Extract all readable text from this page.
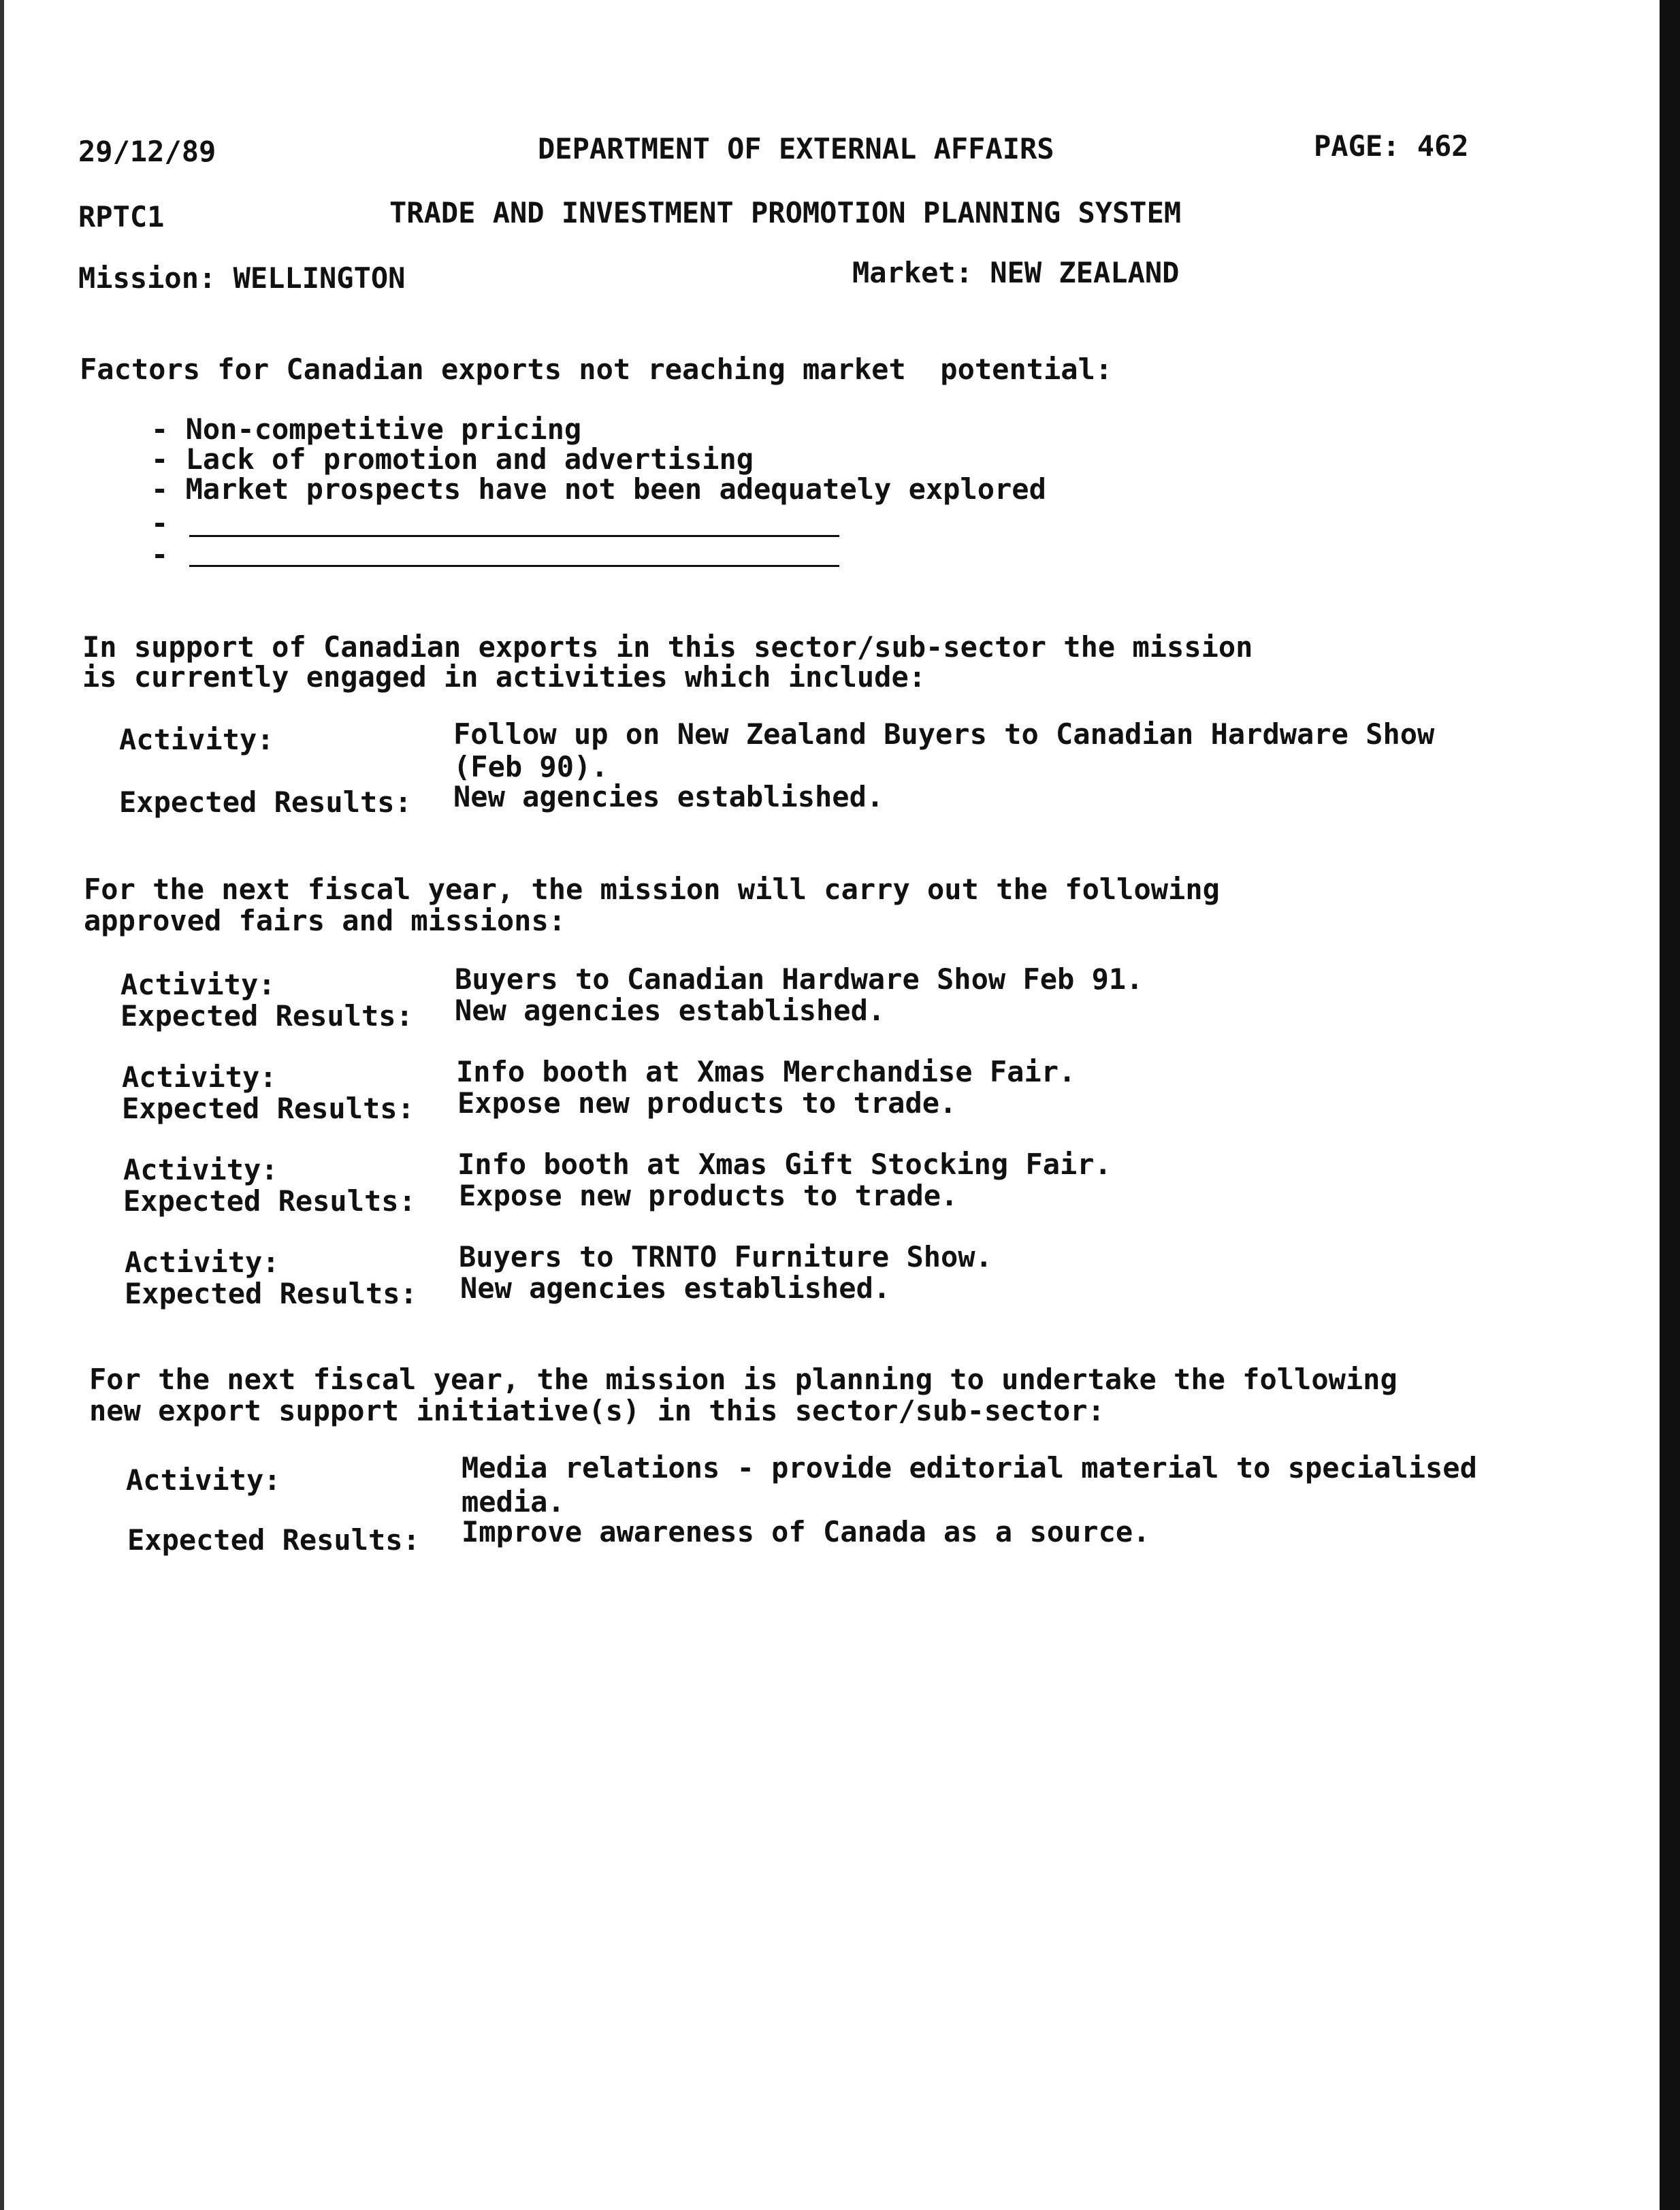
29/12/89	DEPARTMENT OF EXTERNAL AFFAIRS	PAGE: 462
RPTC1	TRADE AND INVESTMENT PROMOTION PLANNING SYSTEM
Mission: WELLINGTON	Market: NEW ZEALAND
Factors for Canadian exports not reaching market  potential:
- Non-competitive pricing
- Lack of promotion and advertising
- Market prospects have not been adequately explored
-
-
In support of Canadian exports in this sector/sub-sector the mission
is currently engaged in activities which include:
Activity:	Follow up on New Zealand Buyers to Canadian Hardware Show
(Feb 90).
Expected Results: New agencies established.
For the next fiscal year, the mission will carry out the following
approved fairs and missions:
Activity:	Buyers to Canadian Hardware Show Feb 91.
Expected Results: New agencies established.
Activity:	Info booth at Xmas Merchandise Fair.
Expected Results: Expose new products to trade.
Activity:	Info booth at Xmas Gift Stocking Fair.
Expected Results: Expose new products to trade.
Activity:	Buyers to TRNTO Furniture Show.
Expected Results: New agencies established.
For the next fiscal year, the mission is planning to undertake the following
new export support initiative(s) in this sector/sub-sector:
Activity:	Media relations - provide editorial material to specialised
media.
Expected Results: Improve awareness of Canada as a source.
